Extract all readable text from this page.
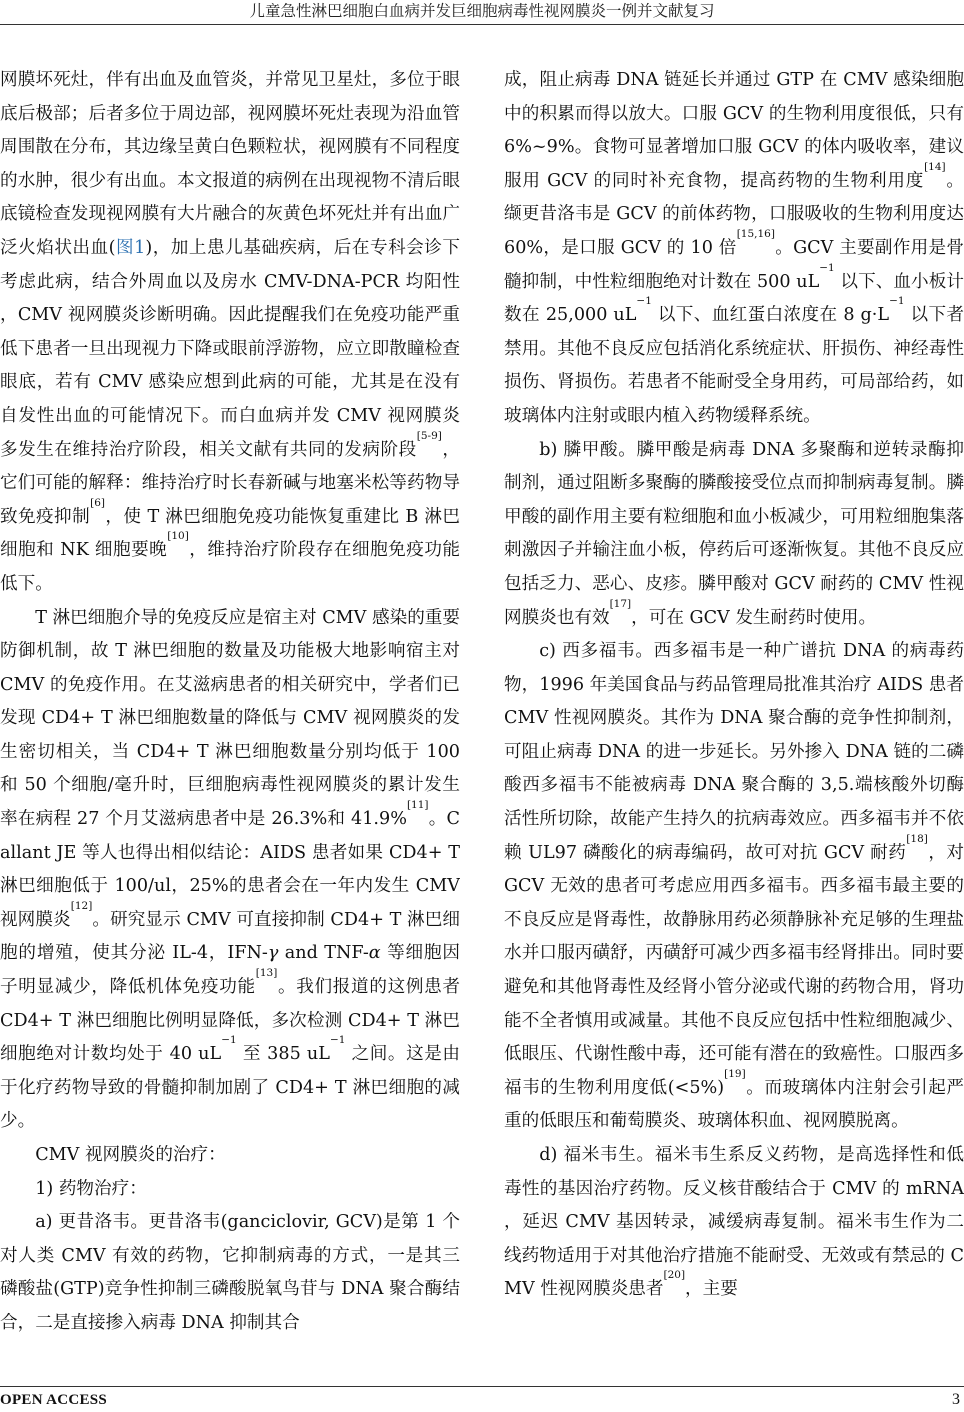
儿童急性淋巴细胞白血病并发巨细胞病毒性视网膜炎一例并文献复习

网膜坏死灶，伴有出血及血管炎，并常见卫星灶，多位于眼底后极部；后者多位于周边部，视网膜坏死灶表现为沿血管周围散在分布，其边缘呈黄白色颗粒状，视网膜有不同程度的水肿，很少有出血。本文报道的病例在出现视物不清后眼底镜检查发现视网膜有大片融合的灰黄色坏死灶并有出血广泛火焰状出血(图1)，加上患儿基础疾病，后在专科会诊下考虑此病，结合外周血以及房水 CMV-DNA-PCR 均阳性，CMV 视网膜炎诊断明确。因此提醒我们在免疫功能严重低下患者一旦出现视力下降或眼前浮游物，应立即散瞳检查眼底，若有 CMV 感染应想到此病的可能，尤其是在没有自发性出血的可能情况下。而白血病并发 CMV 视网膜炎多发生在维持治疗阶段，相关文献有共同的发病阶段[5-9]，它们可能的解释：维持治疗时长春新碱与地塞米松等药物导致免疫抑制[6]，使 T 淋巴细胞免疫功能恢复重建比 B 淋巴细胞和 NK 细胞要晚[10]，维持治疗阶段存在细胞免疫功能低下。

T 淋巴细胞介导的免疫反应是宿主对 CMV 感染的重要防御机制，故 T 淋巴细胞的数量及功能极大地影响宿主对 CMV 的免疫作用。在艾滋病患者的相关研究中，学者们已发现 CD4+ T 淋巴细胞数量的降低与 CMV 视网膜炎的发生密切相关，当 CD4+ T 淋巴细胞数量分别均低于 100 和 50 个细胞/毫升时，巨细胞病毒性视网膜炎的累计发生率在病程 27 个月艾滋病患者中是 26.3%和 41.9%[11]。Callant JE 等人也得出相似结论：AIDS 患者如果 CD4+ T 淋巴细胞低于 100/ul，25%的患者会在一年内发生 CMV 视网膜炎[12]。研究显示 CMV 可直接抑制 CD4+ T 淋巴细胞的增殖，使其分泌 IL-4，IFN-γ and TNF-α 等细胞因子明显减少，降低机体免疫功能[13]。我们报道的这例患者 CD4+ T 淋巴细胞比例明显降低，多次检测 CD4+ T 淋巴细胞绝对计数均处于 40 $uL^{-1}$ 至 385 $uL^{-1}$ 之间。这是由于化疗药物导致的骨髓抑制加剧了 CD4+ T 淋巴细胞的减少。

CMV 视网膜炎的治疗：

1) 药物治疗：

a) 更昔洛韦。更昔洛韦(ganciclovir, GCV)是第 1 个对人类 CMV 有效的药物，它抑制病毒的方式，一是其三磷酸盐(GTP)竞争性抑制三磷酸脱氧鸟苷与 DNA 聚合酶结合，二是直接掺入病毒 DNA 抑制其合

成，阻止病毒 DNA 链延长并通过 GTP 在 CMV 感染细胞中的积累而得以放大。口服 GCV 的生物利用度很低，只有 6%~9%。食物可显著增加口服 GCV 的体内吸收率，建议服用 GCV 的同时补充食物，提高药物的生物利用度[14]。缬更昔洛韦是 GCV 的前体药物，口服吸收的生物利用度达 60%，是口服 GCV 的 10 倍[15,16]。GCV 主要副作用是骨髓抑制，中性粒细胞绝对计数在 500 $uL^{-1}$ 以下、血小板计数在 25,000 $uL^{-1}$ 以下、血红蛋白浓度在 8 $g\cdot L^{-1}$ 以下者禁用。其他不良反应包括消化系统症状、肝损伤、神经毒性损伤、肾损伤。若患者不能耐受全身用药，可局部给药，如玻璃体内注射或眼内植入药物缓释系统。

b) 膦甲酸。膦甲酸是病毒 DNA 多聚酶和逆转录酶抑制剂，通过阻断多聚酶的膦酸接受位点而抑制病毒复制。膦甲酸的副作用主要有粒细胞和血小板减少，可用粒细胞集落刺激因子并输注血小板，停药后可逐渐恢复。其他不良反应包括乏力、恶心、皮疹。膦甲酸对 GCV 耐药的 CMV 性视网膜炎也有效[17]，可在 GCV 发生耐药时使用。

c) 西多福韦。西多福韦是一种广谱抗 DNA 的病毒药物，1996 年美国食品与药品管理局批准其治疗 AIDS 患者 CMV 性视网膜炎。其作为 DNA 聚合酶的竞争性抑制剂，可阻止病毒 DNA 的进一步延长。另外掺入 DNA 链的二磷酸西多福韦不能被病毒 DNA 聚合酶的 3,5.端核酸外切酶活性所切除，故能产生持久的抗病毒效应。西多福韦并不依赖 UL97 磷酸化的病毒编码，故可对抗 GCV 耐药[18]，对 GCV 无效的患者可考虑应用西多福韦。西多福韦最主要的不良反应是肾毒性，故静脉用药必须静脉补充足够的生理盐水并口服丙磺舒，丙磺舒可减少西多福韦经肾排出。同时要避免和其他肾毒性及经肾小管分泌或代谢的药物合用，肾功能不全者慎用或减量。其他不良反应包括中性粒细胞减少、低眼压、代谢性酸中毒，还可能有潜在的致癌性。口服西多福韦的生物利用度低(<5%)[19]。而玻璃体内注射会引起严重的低眼压和葡萄膜炎、玻璃体积血、视网膜脱离。

d) 福米韦生。福米韦生系反义药物，是高选择性和低毒性的基因治疗药物。反义核苷酸结合于 CMV 的 mRNA，延迟 CMV 基因转录，减缓病毒复制。福米韦生作为二线药物适用于对其他治疗措施不能耐受、无效或有禁忌的 CMV 性视网膜炎患者[20]，主要

OPEN ACCESS	3
